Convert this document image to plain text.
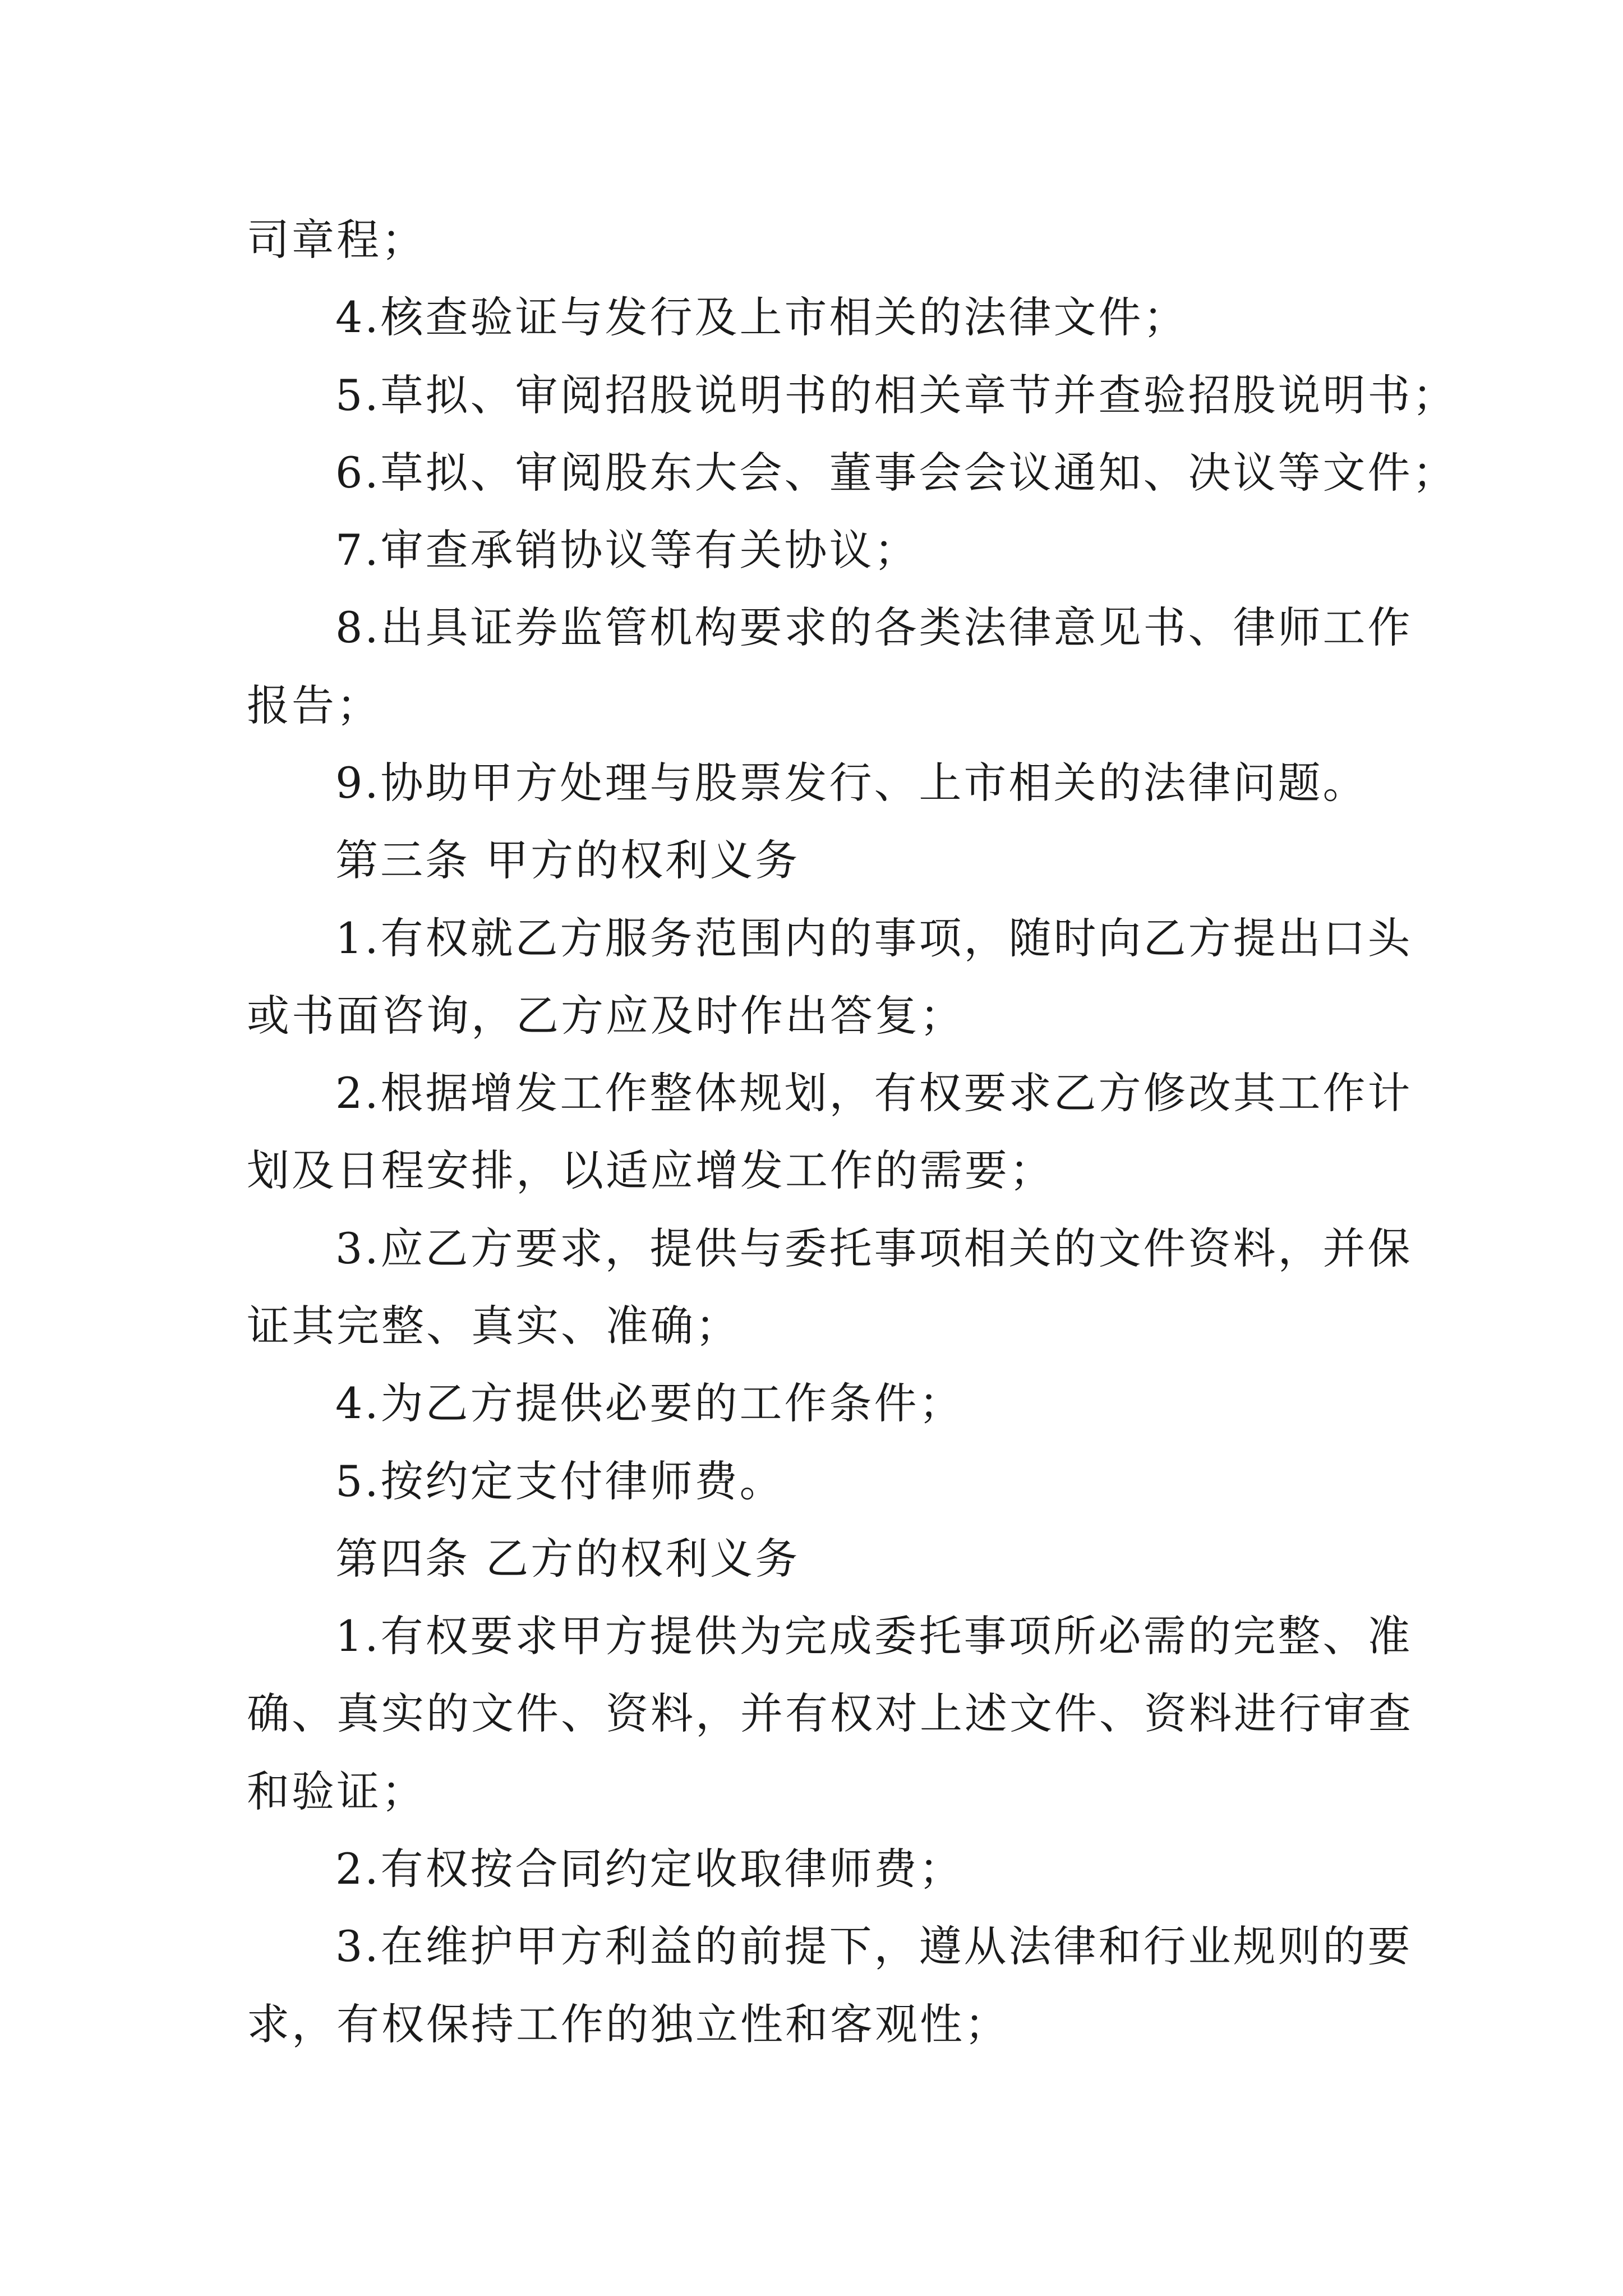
司章程；

4.核查验证与发行及上市相关的法律文件；

5.草拟、审阅招股说明书的相关章节并查验招股说明书；

6.草拟、审阅股东大会、董事会会议通知、决议等文件；

7.审查承销协议等有关协议；

8.出具证券监管机构要求的各类法律意见书、律师工作

报告；

9.协助甲方处理与股票发行、上市相关的法律问题。

第三条 甲方的权利义务

1.有权就乙方服务范围内的事项，随时向乙方提出口头

或书面咨询，乙方应及时作出答复；

2.根据增发工作整体规划，有权要求乙方修改其工作计

划及日程安排，以适应增发工作的需要；

3.应乙方要求，提供与委托事项相关的文件资料，并保

证其完整、真实、准确；

4.为乙方提供必要的工作条件；

5.按约定支付律师费。

第四条 乙方的权利义务

1.有权要求甲方提供为完成委托事项所必需的完整、准

确、真实的文件、资料，并有权对上述文件、资料进行审查

和验证；

2.有权按合同约定收取律师费；

3.在维护甲方利益的前提下，遵从法律和行业规则的要

求，有权保持工作的独立性和客观性；
